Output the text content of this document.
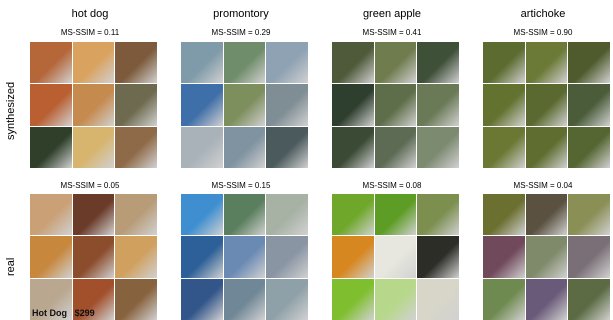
hot dog	promontory	green apple	artichoke
synthesized
real
MS-SSIM = 0.11	MS-SSIM = 0.29	MS-SSIM = 0.41	MS-SSIM = 0.90
MS-SSIM = 0.05	MS-SSIM = 0.15	MS-SSIM = 0.08	MS-SSIM = 0.04
Hot Dog $299
